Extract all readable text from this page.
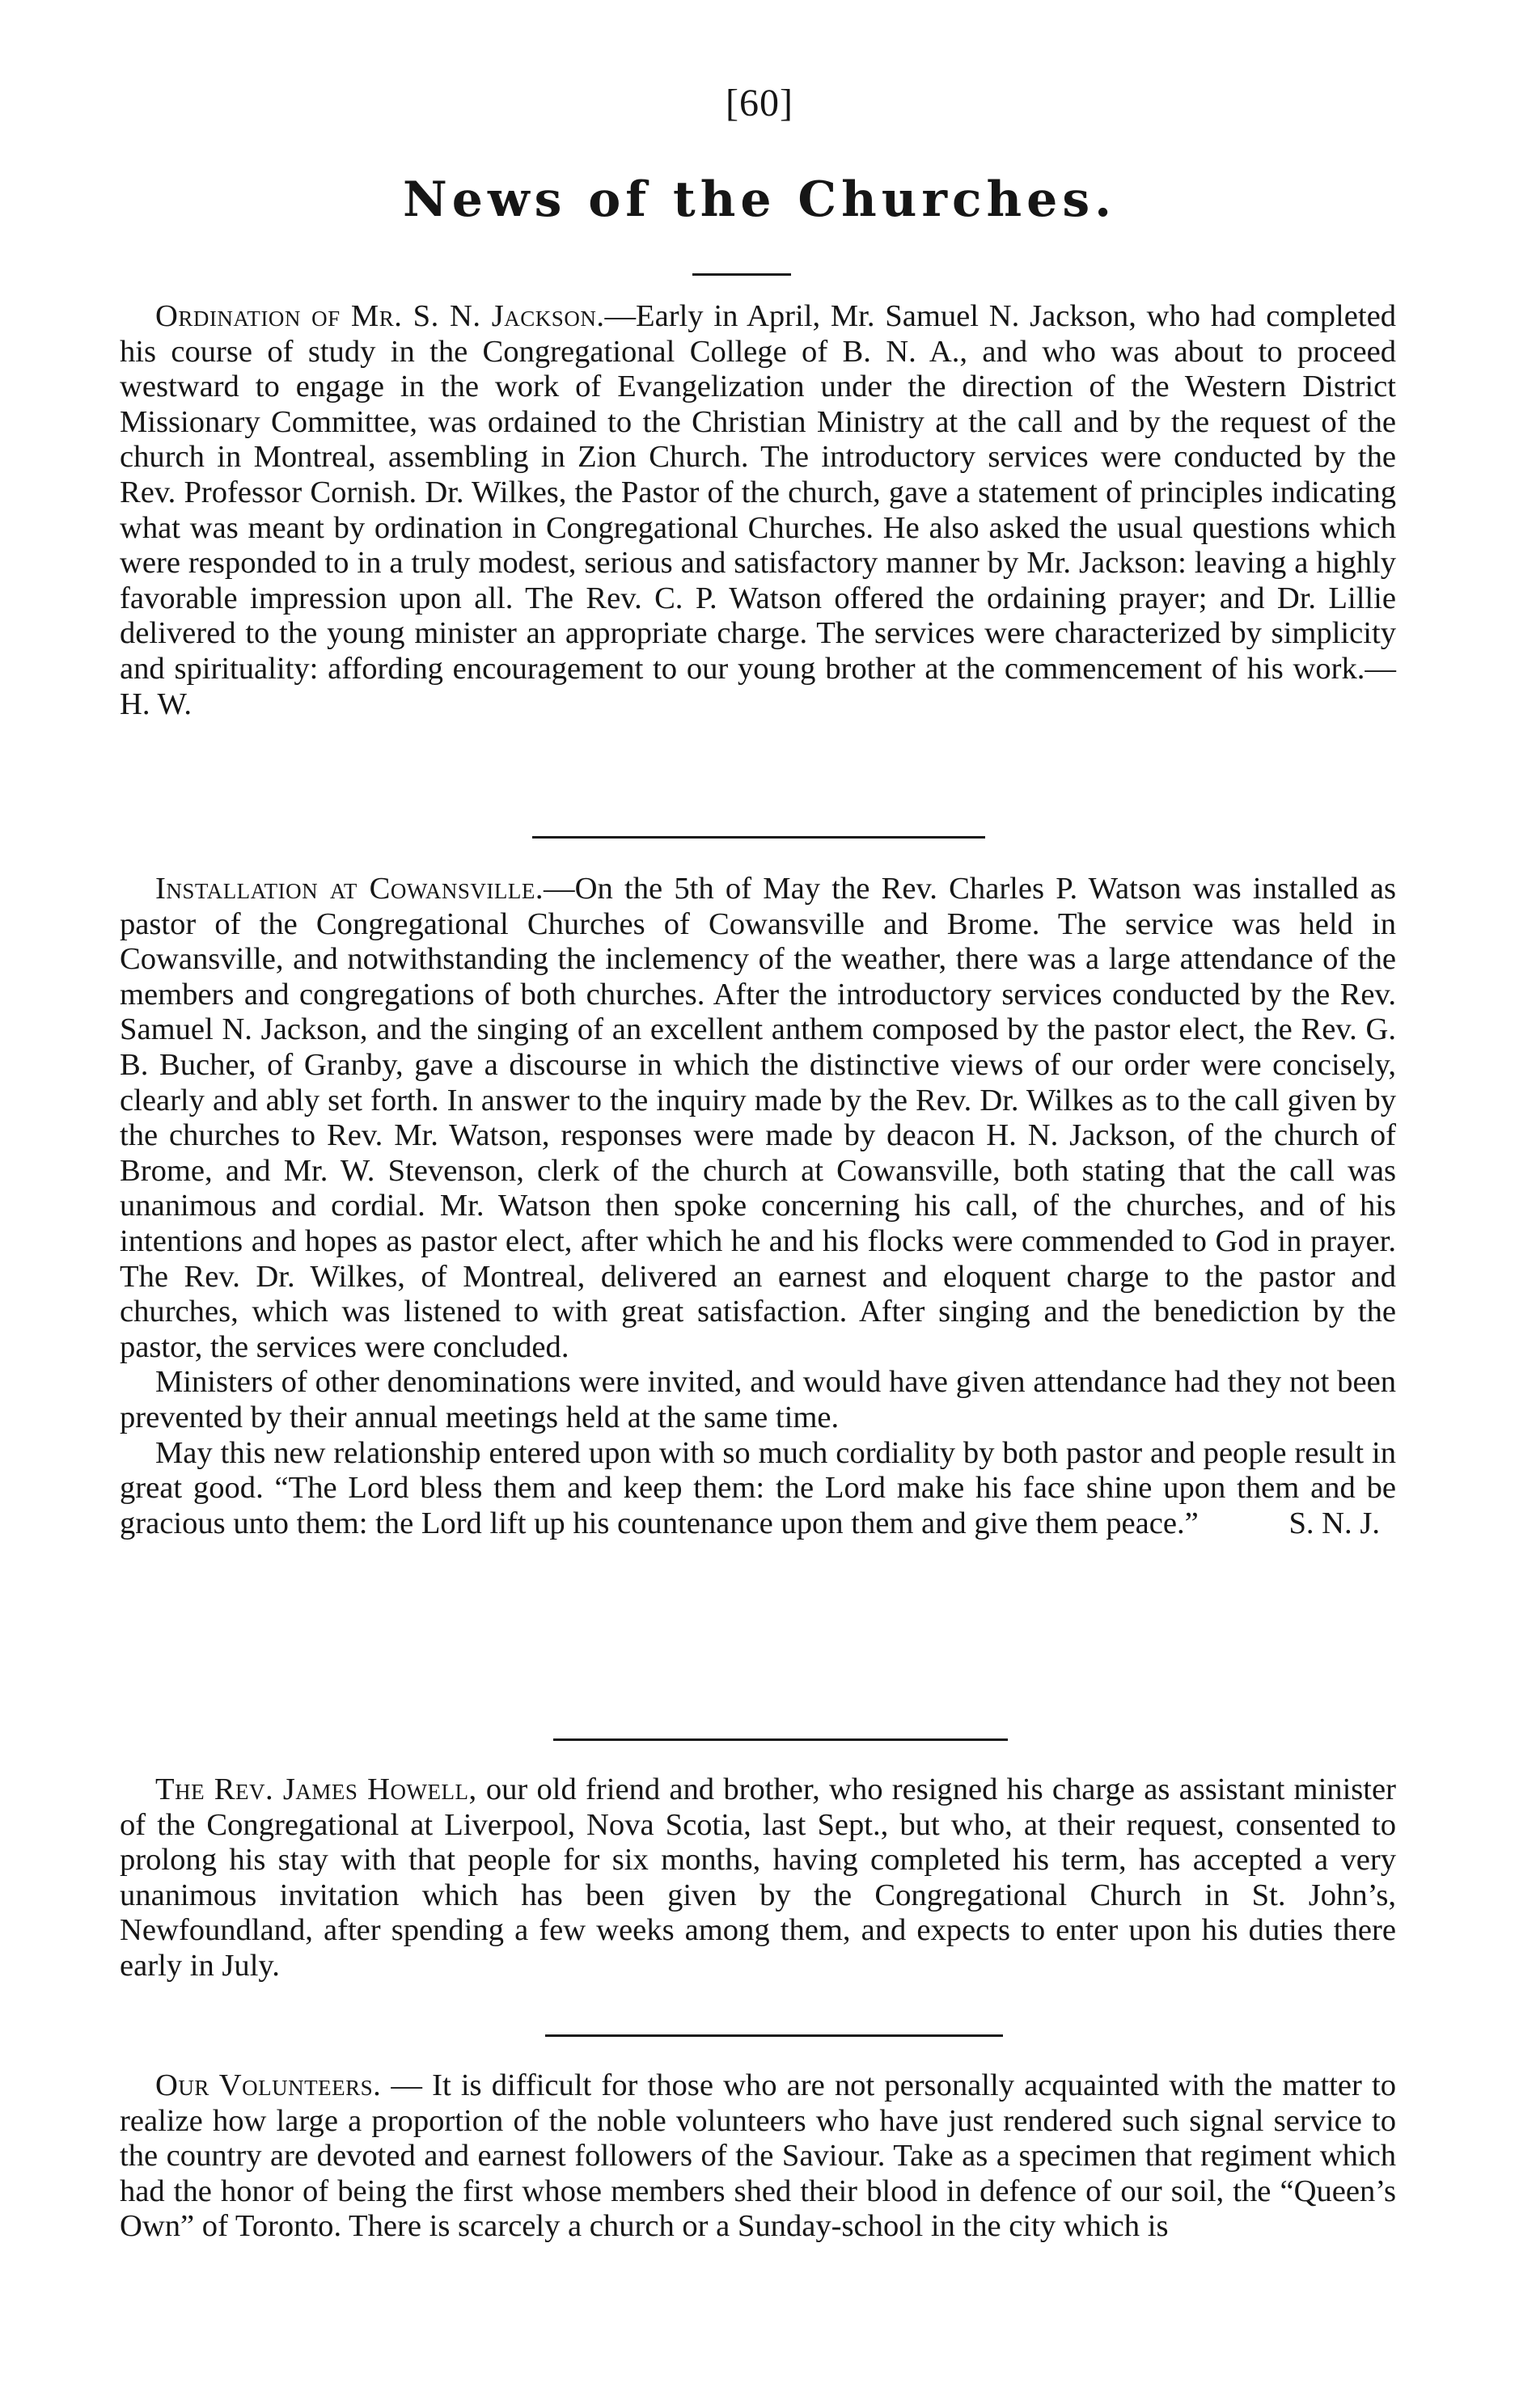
[60]
News of the Churches.

Ordination of Mr. S. N. Jackson.—Early in April, Mr. Samuel N. Jackson, who had completed his course of study in the Congregational College of B. N. A., and who was about to proceed westward to engage in the work of Evangelization under the direction of the Western District Missionary Committee, was ordained to the Christian Ministry at the call and by the request of the church in Montreal, assembling in Zion Church. The introductory services were conducted by the Rev. Professor Cornish. Dr. Wilkes, the Pastor of the church, gave a statement of principles indicating what was meant by ordination in Congregational Churches. He also asked the usual questions which were responded to in a truly modest, serious and satisfactory manner by Mr. Jackson: leaving a highly favorable impression upon all. The Rev. C. P. Watson offered the ordaining prayer; and Dr. Lillie delivered to the young minister an appropriate charge. The services were characterized by simplicity and spirituality: affording encouragement to our young brother at the commencement of his work.—H. W.

Installation at Cowansville.—On the 5th of May the Rev. Charles P. Watson was installed as pastor of the Congregational Churches of Cowansville and Brome. The service was held in Cowansville, and notwithstanding the inclemency of the weather, there was a large attendance of the members and congregations of both churches. After the introductory services conducted by the Rev. Samuel N. Jackson, and the singing of an excellent anthem composed by the pastor elect, the Rev. G. B. Bucher, of Granby, gave a discourse in which the distinctive views of our order were concisely, clearly and ably set forth. In answer to the inquiry made by the Rev. Dr. Wilkes as to the call given by the churches to Rev. Mr. Watson, responses were made by deacon H. N. Jackson, of the church of Brome, and Mr. W. Stevenson, clerk of the church at Cowansville, both stating that the call was unanimous and cordial. Mr. Watson then spoke concerning his call, of the churches, and of his intentions and hopes as pastor elect, after which he and his flocks were commended to God in prayer. The Rev. Dr. Wilkes, of Montreal, delivered an earnest and eloquent charge to the pastor and churches, which was listened to with great satisfaction. After singing and the benediction by the pastor, the services were concluded.

Ministers of other denominations were invited, and would have given attendance had they not been prevented by their annual meetings held at the same time.

May this new relationship entered upon with so much cordiality by both pastor and people result in great good. “The Lord bless them and keep them: the Lord make his face shine upon them and be gracious unto them: the Lord lift up his countenance upon them and give them peace.”	S. N. J.

The Rev. James Howell, our old friend and brother, who resigned his charge as assistant minister of the Congregational at Liverpool, Nova Scotia, last Sept., but who, at their request, consented to prolong his stay with that people for six months, having completed his term, has accepted a very unanimous invitation which has been given by the Congregational Church in St. John’s, Newfoundland, after spending a few weeks among them, and expects to enter upon his duties there early in July.

Our Volunteers. — It is difficult for those who are not personally acquainted with the matter to realize how large a proportion of the noble volunteers who have just rendered such signal service to the country are devoted and earnest followers of the Saviour. Take as a specimen that regiment which had the honor of being the first whose members shed their blood in defence of our soil, the “Queen’s Own” of Toronto. There is scarcely a church or a Sunday-school in the city which is
